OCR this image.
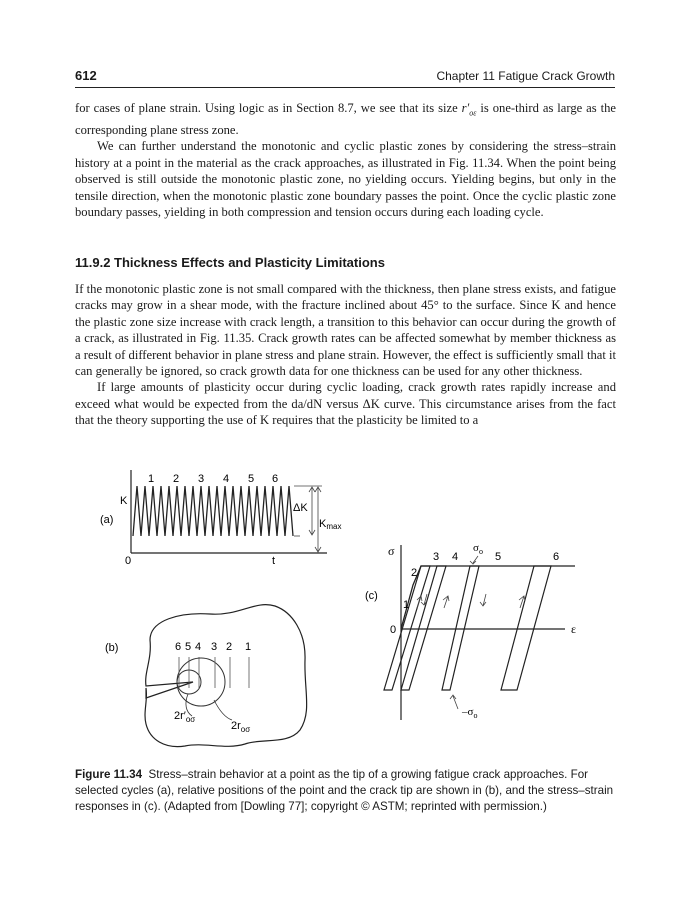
612	Chapter 11 Fatigue Crack Growth

for cases of plane strain. Using logic as in Section 8.7, we see that its size $r'_{o\varepsilon}$ is one-third as large as the corresponding plane stress zone.

We can further understand the monotonic and cyclic plastic zones by considering the stress–strain history at a point in the material as the crack approaches, as illustrated in Fig. 11.34. When the point being observed is still outside the monotonic plastic zone, no yielding occurs. Yielding begins, but only in the tensile direction, when the monotonic plastic zone boundary passes the point. Once the cyclic plastic zone boundary passes, yielding in both compression and tension occurs during each loading cycle.

11.9.2 Thickness Effects and Plasticity Limitations

If the monotonic plastic zone is not small compared with the thickness, then plane stress exists, and fatigue cracks may grow in a shear mode, with the fracture inclined about 45° to the surface. Since K and hence the plastic zone size increase with crack length, a transition to this behavior can occur during the growth of a crack, as illustrated in Fig. 11.35. Crack growth rates can be affected somewhat by member thickness as a result of different behavior in plane stress and plane strain. However, the effect is sufficiently small that it can generally be ignored, so crack growth data for one thickness can be used for any other thickness.

If large amounts of plasticity occur during cyclic loading, crack growth rates rapidly increase and exceed what would be expected from the da/dN versus ΔK curve. This circumstance arises from the fact that the theory supporting the use of K requires that the plasticity be limited to a

(a)
K
0	t
1 2 3 4 5 6
ΔK
Kmax
(b)	6 5 4 3 2 1
$2r'_{o\sigma}$
$2r_{o\sigma}$
(c)
σ
0	ε
1
2
3 4	5	6
$\sigma_o$
$-\sigma_o$
Figure 11.34 Stress–strain behavior at a point as the tip of a growing fatigue crack approaches. For selected cycles (a), relative positions of the point and the crack tip are shown in (b), and the stress–strain responses in (c). (Adapted from [Dowling 77]; copyright © ASTM; reprinted with permission.)
